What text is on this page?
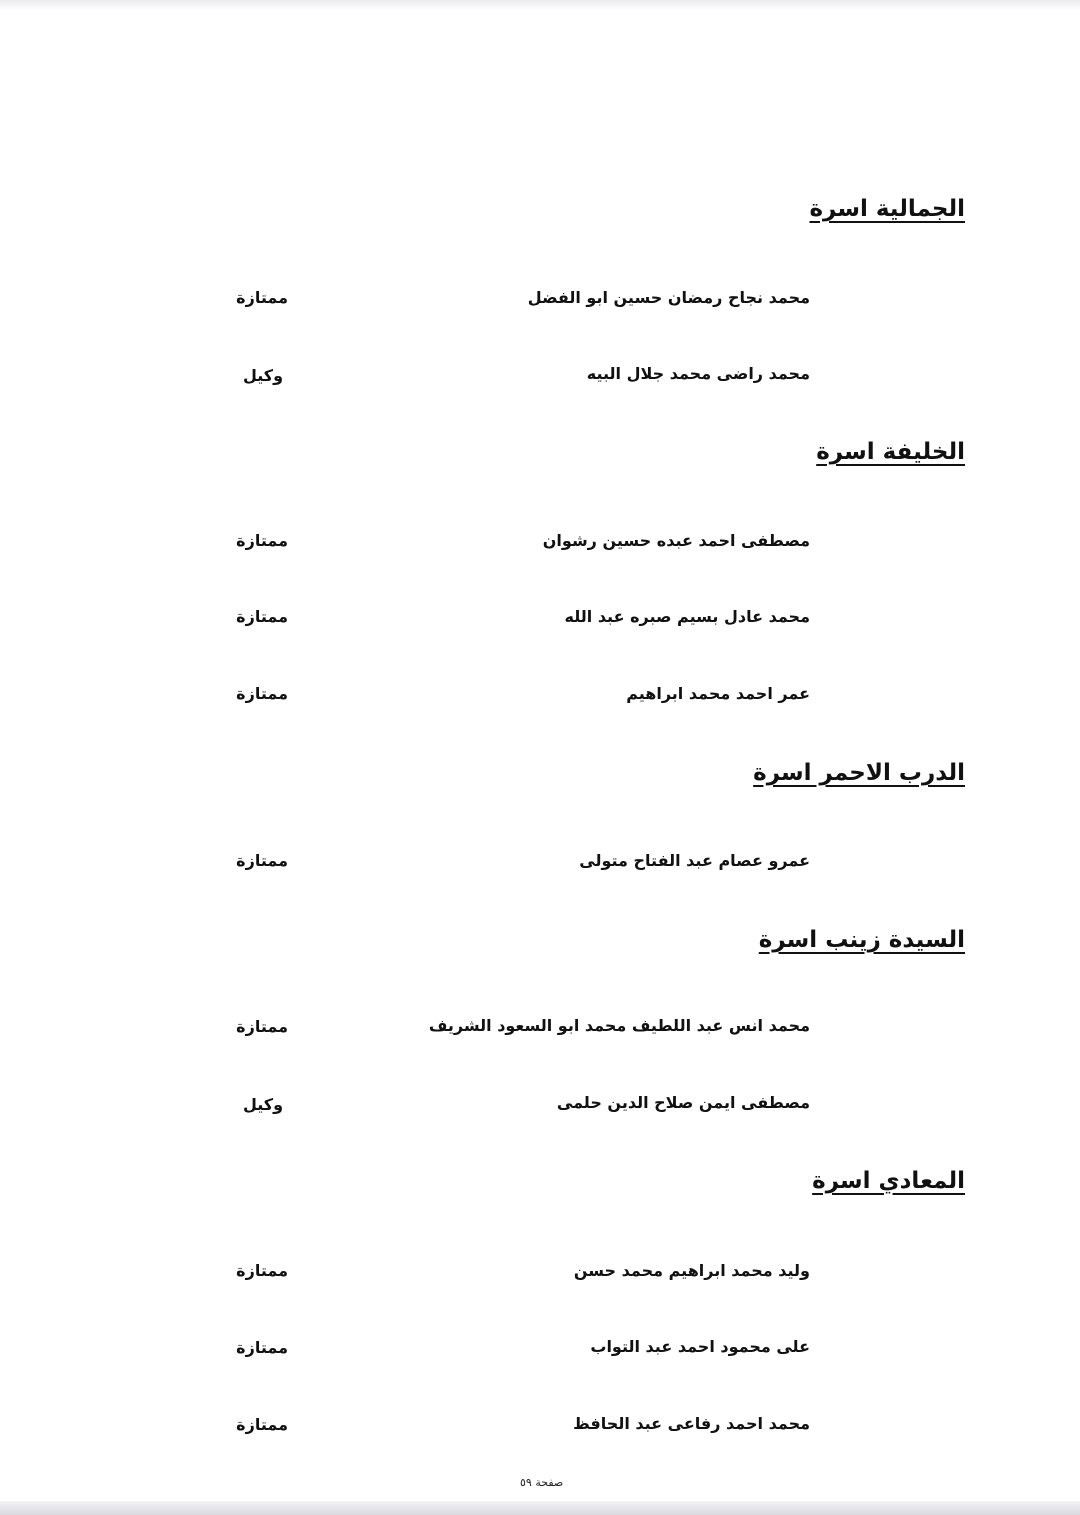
الجمالية اسرة
محمد نجاح رمضان حسين ابو الفضل
ممتازة
محمد راضى محمد جلال البيه
وكيل
الخليفة اسرة
مصطفى احمد عبده حسين رشوان
ممتازة
محمد عادل بسيم صبره عبد الله
ممتازة
عمر احمد محمد ابراهيم
ممتازة
الدرب الاحمر اسرة
عمرو عصام عبد الفتاح متولى
ممتازة
السيدة زينب اسرة
محمد انس عبد اللطيف محمد ابو السعود الشريف
ممتازة
مصطفى ايمن صلاح الدين حلمى
وكيل
المعادي اسرة
وليد محمد ابراهيم محمد حسن
ممتازة
على محمود احمد عبد التواب
ممتازة
محمد احمد رفاعى عبد الحافظ
ممتازة
صفحة ٥٩
